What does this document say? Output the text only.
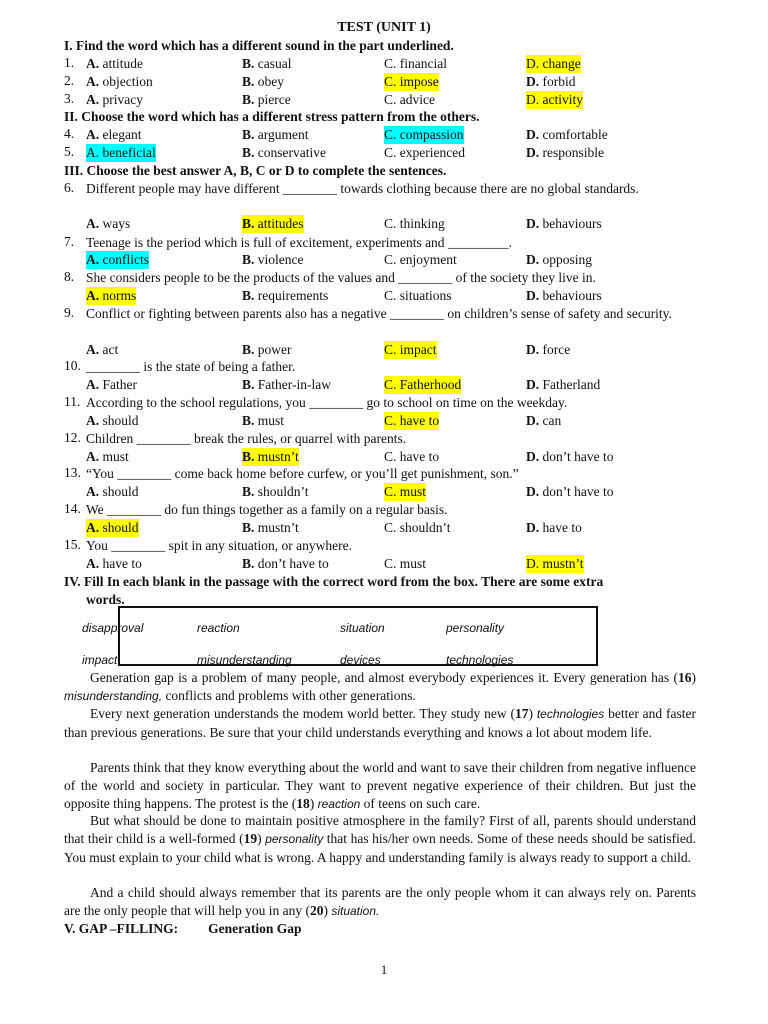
TEST (UNIT 1)
I. Find the word which has a different sound in the part underlined.
1. A. attitude	B. casual	C. financial	D. change
2. A. objection	B. obey	C. impose	D. forbid
3. A. privacy	B. pierce	C. advice	D. activity
II. Choose the word which has a different stress pattern from the others.
4. A. elegant	B. argument	C. compassion	D. comfortable
5. A. beneficial	B. conservative	C. experienced	D. responsible
III. Choose the best answer A, B, C or D to complete the sentences.
6. Different people may have different ________ towards clothing because there are no global standards.
A. ways	B. attitudes	C. thinking	D. behaviours
7. Teenage is the period which is full of excitement, experiments and _________.
A. conflicts	B. violence	C. enjoyment	D. opposing
8. She considers people to be the products of the values and ________ of the society they live in.
A. norms	B. requirements	C. situations	D. behaviours
9. Conflict or fighting between parents also has a negative ________ on children’s sense of safety and security.
A. act	B. power	C. impact	D. force
10. ________ is the state of being a father.
A. Father	B. Father-in-law	C. Fatherhood	D. Fatherland
11. According to the school regulations, you ________ go to school on time on the weekday.
A. should	B. must	C. have to	D. can
12. Children ________ break the rules, or quarrel with parents.
A. must	B. mustn’t	C. have to	D. don’t have to
13. “You ________ come back home before curfew, or you’ll get punishment, son.”
A. should	B. shouldn’t	C. must	D. don’t have to
14. We ________ do fun things together as a family on a regular basis.
A. should	B. mustn’t	C. shouldn’t	D. have to
15. You ________ spit in any situation, or anywhere.
A. have to	B. don’t have to	C. must	D. mustn’t
IV. Fill In each blank in the passage with the correct word from the box. There are some extra
words.
disapproval	reaction	situation	personality
impact	misunderstanding	devices	technologies
Generation gap is a problem of many people, and almost everybody experiences it. Every generation has (16) misunderstanding, conflicts and problems with other generations.
Every next generation understands the modem world better. They study new (17) technologies better and faster than previous generations. Be sure that your child understands everything and knows a lot about modem life.
Parents think that they know everything about the world and want to save their children from negative influence of the world and society in particular. They want to prevent negative experience of their children. But just the opposite thing happens. The protest is the (18) reaction of teens on such care.
But what should be done to maintain positive atmosphere in the family? First of all, parents should understand that their child is a well-formed (19) personality that has his/her own needs. Some of these needs should be satisfied. You must explain to your child what is wrong. A happy and understanding family is always ready to support a child.
And a child should always remember that its parents are the only people whom it can always rely on. Parents are the only people that will help you in any (20) situation.
V. GAP –FILLING: Generation Gap
1
